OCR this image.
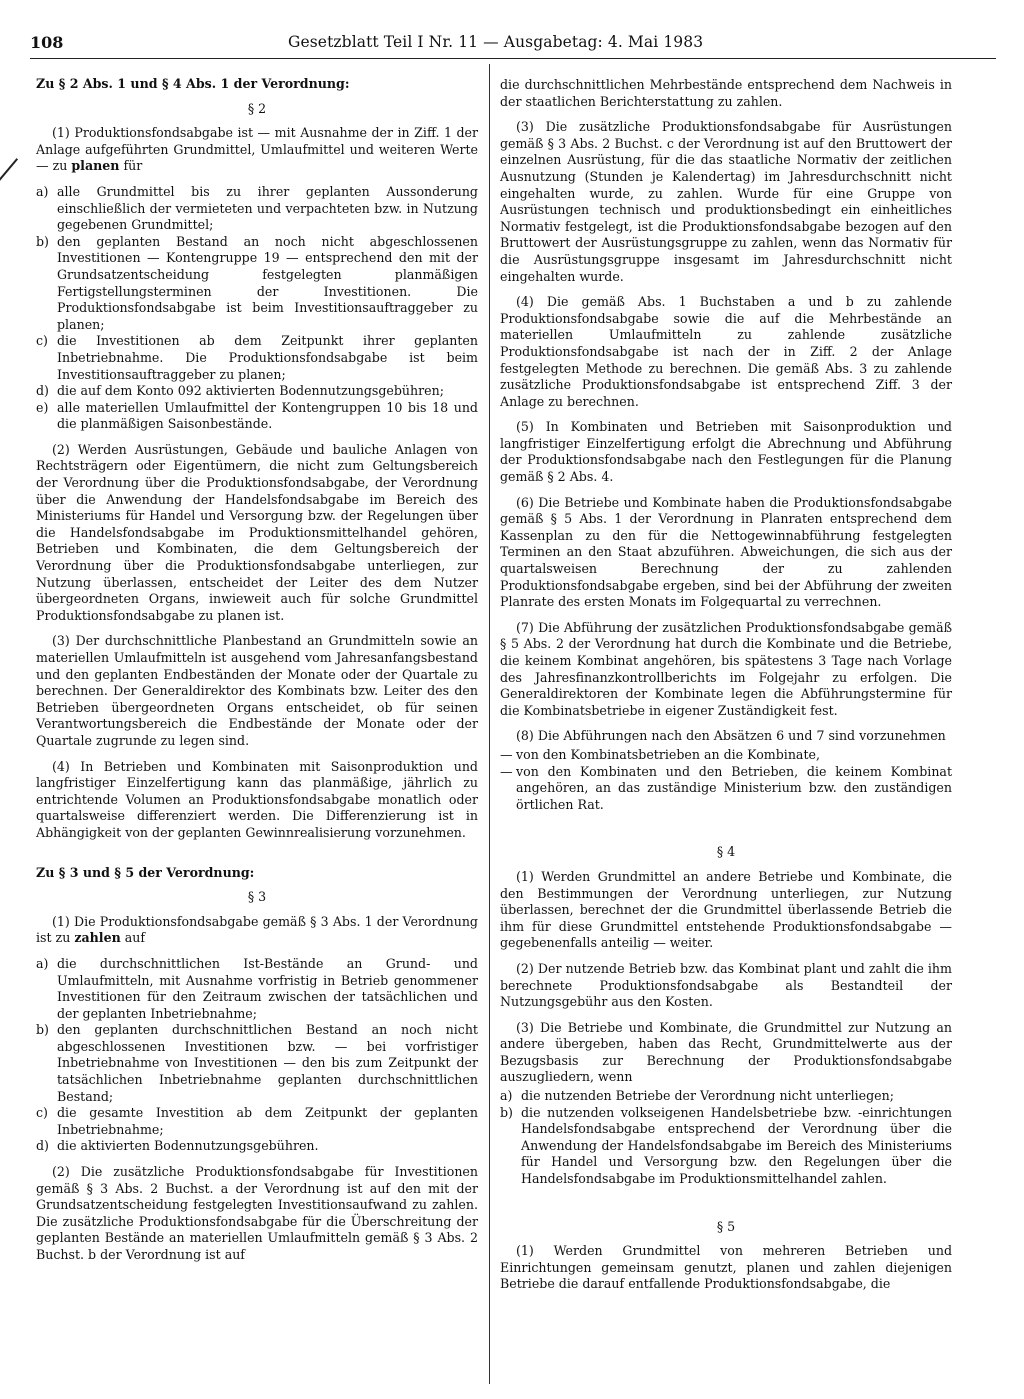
108	Gesetzblatt Teil I Nr. 11 — Ausgabetag: 4. Mai 1983
Zu § 2 Abs. 1 und § 4 Abs. 1 der Verordnung:
§ 2
(1) Produktionsfondsabgabe ist — mit Ausnahme der in Ziff. 1 der Anlage aufgeführten Grundmittel, Umlaufmittel und weiteren Werte — zu planen für
a) alle Grundmittel bis zu ihrer geplanten Aussonderung einschließlich der vermieteten und verpachteten bzw. in Nutzung gegebenen Grundmittel;
b) den geplanten Bestand an noch nicht abgeschlossenen Investitionen — Kontengruppe 19 — entsprechend den mit der Grundsatzentscheidung festgelegten planmäßigen Fertigstellungsterminen der Investitionen. Die Produktionsfondsabgabe ist beim Investitionsauftraggeber zu planen;
c) die Investitionen ab dem Zeitpunkt ihrer geplanten Inbetriebnahme. Die Produktionsfondsabgabe ist beim Investitionsauftraggeber zu planen;
d) die auf dem Konto 092 aktivierten Bodennutzungsgebühren;
e) alle materiellen Umlaufmittel der Kontengruppen 10 bis 18 und die planmäßigen Saisonbestände.
(2) Werden Ausrüstungen, Gebäude und bauliche Anlagen von Rechtsträgern oder Eigentümern, die nicht zum Geltungsbereich der Verordnung über die Produktionsfondsabgabe, der Verordnung über die Anwendung der Handelsfondsabgabe im Bereich des Ministeriums für Handel und Versorgung bzw. der Regelungen über die Handelsfondsabgabe im Produktionsmittelhandel gehören, Betrieben und Kombinaten, die dem Geltungsbereich der Verordnung über die Produktionsfondsabgabe unterliegen, zur Nutzung überlassen, entscheidet der Leiter des dem Nutzer übergeordneten Organs, inwieweit auch für solche Grundmittel Produktionsfondsabgabe zu planen ist.
(3) Der durchschnittliche Planbestand an Grundmitteln sowie an materiellen Umlaufmitteln ist ausgehend vom Jahresanfangsbestand und den geplanten Endbeständen der Monate oder der Quartale zu berechnen. Der Generaldirektor des Kombinats bzw. Leiter des den Betrieben übergeordneten Organs entscheidet, ob für seinen Verantwortungsbereich die Endbestände der Monate oder der Quartale zugrunde zu legen sind.
(4) In Betrieben und Kombinaten mit Saisonproduktion und langfristiger Einzelfertigung kann das planmäßige, jährlich zu entrichtende Volumen an Produktionsfondsabgabe monatlich oder quartalsweise differenziert werden. Die Differenzierung ist in Abhängigkeit von der geplanten Gewinnrealisierung vorzunehmen.
Zu § 3 und § 5 der Verordnung:
§ 3
(1) Die Produktionsfondsabgabe gemäß § 3 Abs. 1 der Verordnung ist zu zahlen auf
a) die durchschnittlichen Ist-Bestände an Grund- und Umlaufmitteln, mit Ausnahme vorfristig in Betrieb genommener Investitionen für den Zeitraum zwischen der tatsächlichen und der geplanten Inbetriebnahme;
b) den geplanten durchschnittlichen Bestand an noch nicht abgeschlossenen Investitionen bzw. — bei vorfristiger Inbetriebnahme von Investitionen — den bis zum Zeitpunkt der tatsächlichen Inbetriebnahme geplanten durchschnittlichen Bestand;
c) die gesamte Investition ab dem Zeitpunkt der geplanten Inbetriebnahme;
d) die aktivierten Bodennutzungsgebühren.
(2) Die zusätzliche Produktionsfondsabgabe für Investitionen gemäß § 3 Abs. 2 Buchst. a der Verordnung ist auf den mit der Grundsatzentscheidung festgelegten Investitionsaufwand zu zahlen. Die zusätzliche Produktionsfondsabgabe für die Überschreitung der geplanten Bestände an materiellen Umlaufmitteln gemäß § 3 Abs. 2 Buchst. b der Verordnung ist auf
die durchschnittlichen Mehrbestände entsprechend dem Nachweis in der staatlichen Berichterstattung zu zahlen.
(3) Die zusätzliche Produktionsfondsabgabe für Ausrüstungen gemäß § 3 Abs. 2 Buchst. c der Verordnung ist auf den Bruttowert der einzelnen Ausrüstung, für die das staatliche Normativ der zeitlichen Ausnutzung (Stunden je Kalendertag) im Jahresdurchschnitt nicht eingehalten wurde, zu zahlen. Wurde für eine Gruppe von Ausrüstungen technisch und produktionsbedingt ein einheitliches Normativ festgelegt, ist die Produktionsfondsabgabe bezogen auf den Bruttowert der Ausrüstungsgruppe zu zahlen, wenn das Normativ für die Ausrüstungsgruppe insgesamt im Jahresdurchschnitt nicht eingehalten wurde.
(4) Die gemäß Abs. 1 Buchstaben a und b zu zahlende Produktionsfondsabgabe sowie die auf die Mehrbestände an materiellen Umlaufmitteln zu zahlende zusätzliche Produktionsfondsabgabe ist nach der in Ziff. 2 der Anlage festgelegten Methode zu berechnen. Die gemäß Abs. 3 zu zahlende zusätzliche Produktionsfondsabgabe ist entsprechend Ziff. 3 der Anlage zu berechnen.
(5) In Kombinaten und Betrieben mit Saisonproduktion und langfristiger Einzelfertigung erfolgt die Abrechnung und Abführung der Produktionsfondsabgabe nach den Festlegungen für die Planung gemäß § 2 Abs. 4.
(6) Die Betriebe und Kombinate haben die Produktionsfondsabgabe gemäß § 5 Abs. 1 der Verordnung in Planraten entsprechend dem Kassenplan zu den für die Nettogewinnabführung festgelegten Terminen an den Staat abzuführen. Abweichungen, die sich aus der quartalsweisen Berechnung der zu zahlenden Produktionsfondsabgabe ergeben, sind bei der Abführung der zweiten Planrate des ersten Monats im Folgequartal zu verrechnen.
(7) Die Abführung der zusätzlichen Produktionsfondsabgabe gemäß § 5 Abs. 2 der Verordnung hat durch die Kombinate und die Betriebe, die keinem Kombinat angehören, bis spätestens 3 Tage nach Vorlage des Jahresfinanzkontrollberichts im Folgejahr zu erfolgen. Die Generaldirektoren der Kombinate legen die Abführungstermine für die Kombinatsbetriebe in eigener Zuständigkeit fest.
(8) Die Abführungen nach den Absätzen 6 und 7 sind vorzunehmen
— von den Kombinatsbetrieben an die Kombinate,
— von den Kombinaten und den Betrieben, die keinem Kombinat angehören, an das zuständige Ministerium bzw. den zuständigen örtlichen Rat.
§ 4
(1) Werden Grundmittel an andere Betriebe und Kombinate, die den Bestimmungen der Verordnung unterliegen, zur Nutzung überlassen, berechnet der die Grundmittel überlassende Betrieb die ihm für diese Grundmittel entstehende Produktionsfondsabgabe — gegebenenfalls anteilig — weiter.
(2) Der nutzende Betrieb bzw. das Kombinat plant und zahlt die ihm berechnete Produktionsfondsabgabe als Bestandteil der Nutzungsgebühr aus den Kosten.
(3) Die Betriebe und Kombinate, die Grundmittel zur Nutzung an andere übergeben, haben das Recht, Grundmittelwerte aus der Bezugsbasis zur Berechnung der Produktionsfondsabgabe auszugliedern, wenn
a) die nutzenden Betriebe der Verordnung nicht unterliegen;
b) die nutzenden volkseigenen Handelsbetriebe bzw. -einrichtungen Handelsfondsabgabe entsprechend der Verordnung über die Anwendung der Handelsfondsabgabe im Bereich des Ministeriums für Handel und Versorgung bzw. den Regelungen über die Handelsfondsabgabe im Produktionsmittelhandel zahlen.
§ 5
(1) Werden Grundmittel von mehreren Betrieben und Einrichtungen gemeinsam genutzt, planen und zahlen diejenigen Betriebe die darauf entfallende Produktionsfondsabgabe, die
